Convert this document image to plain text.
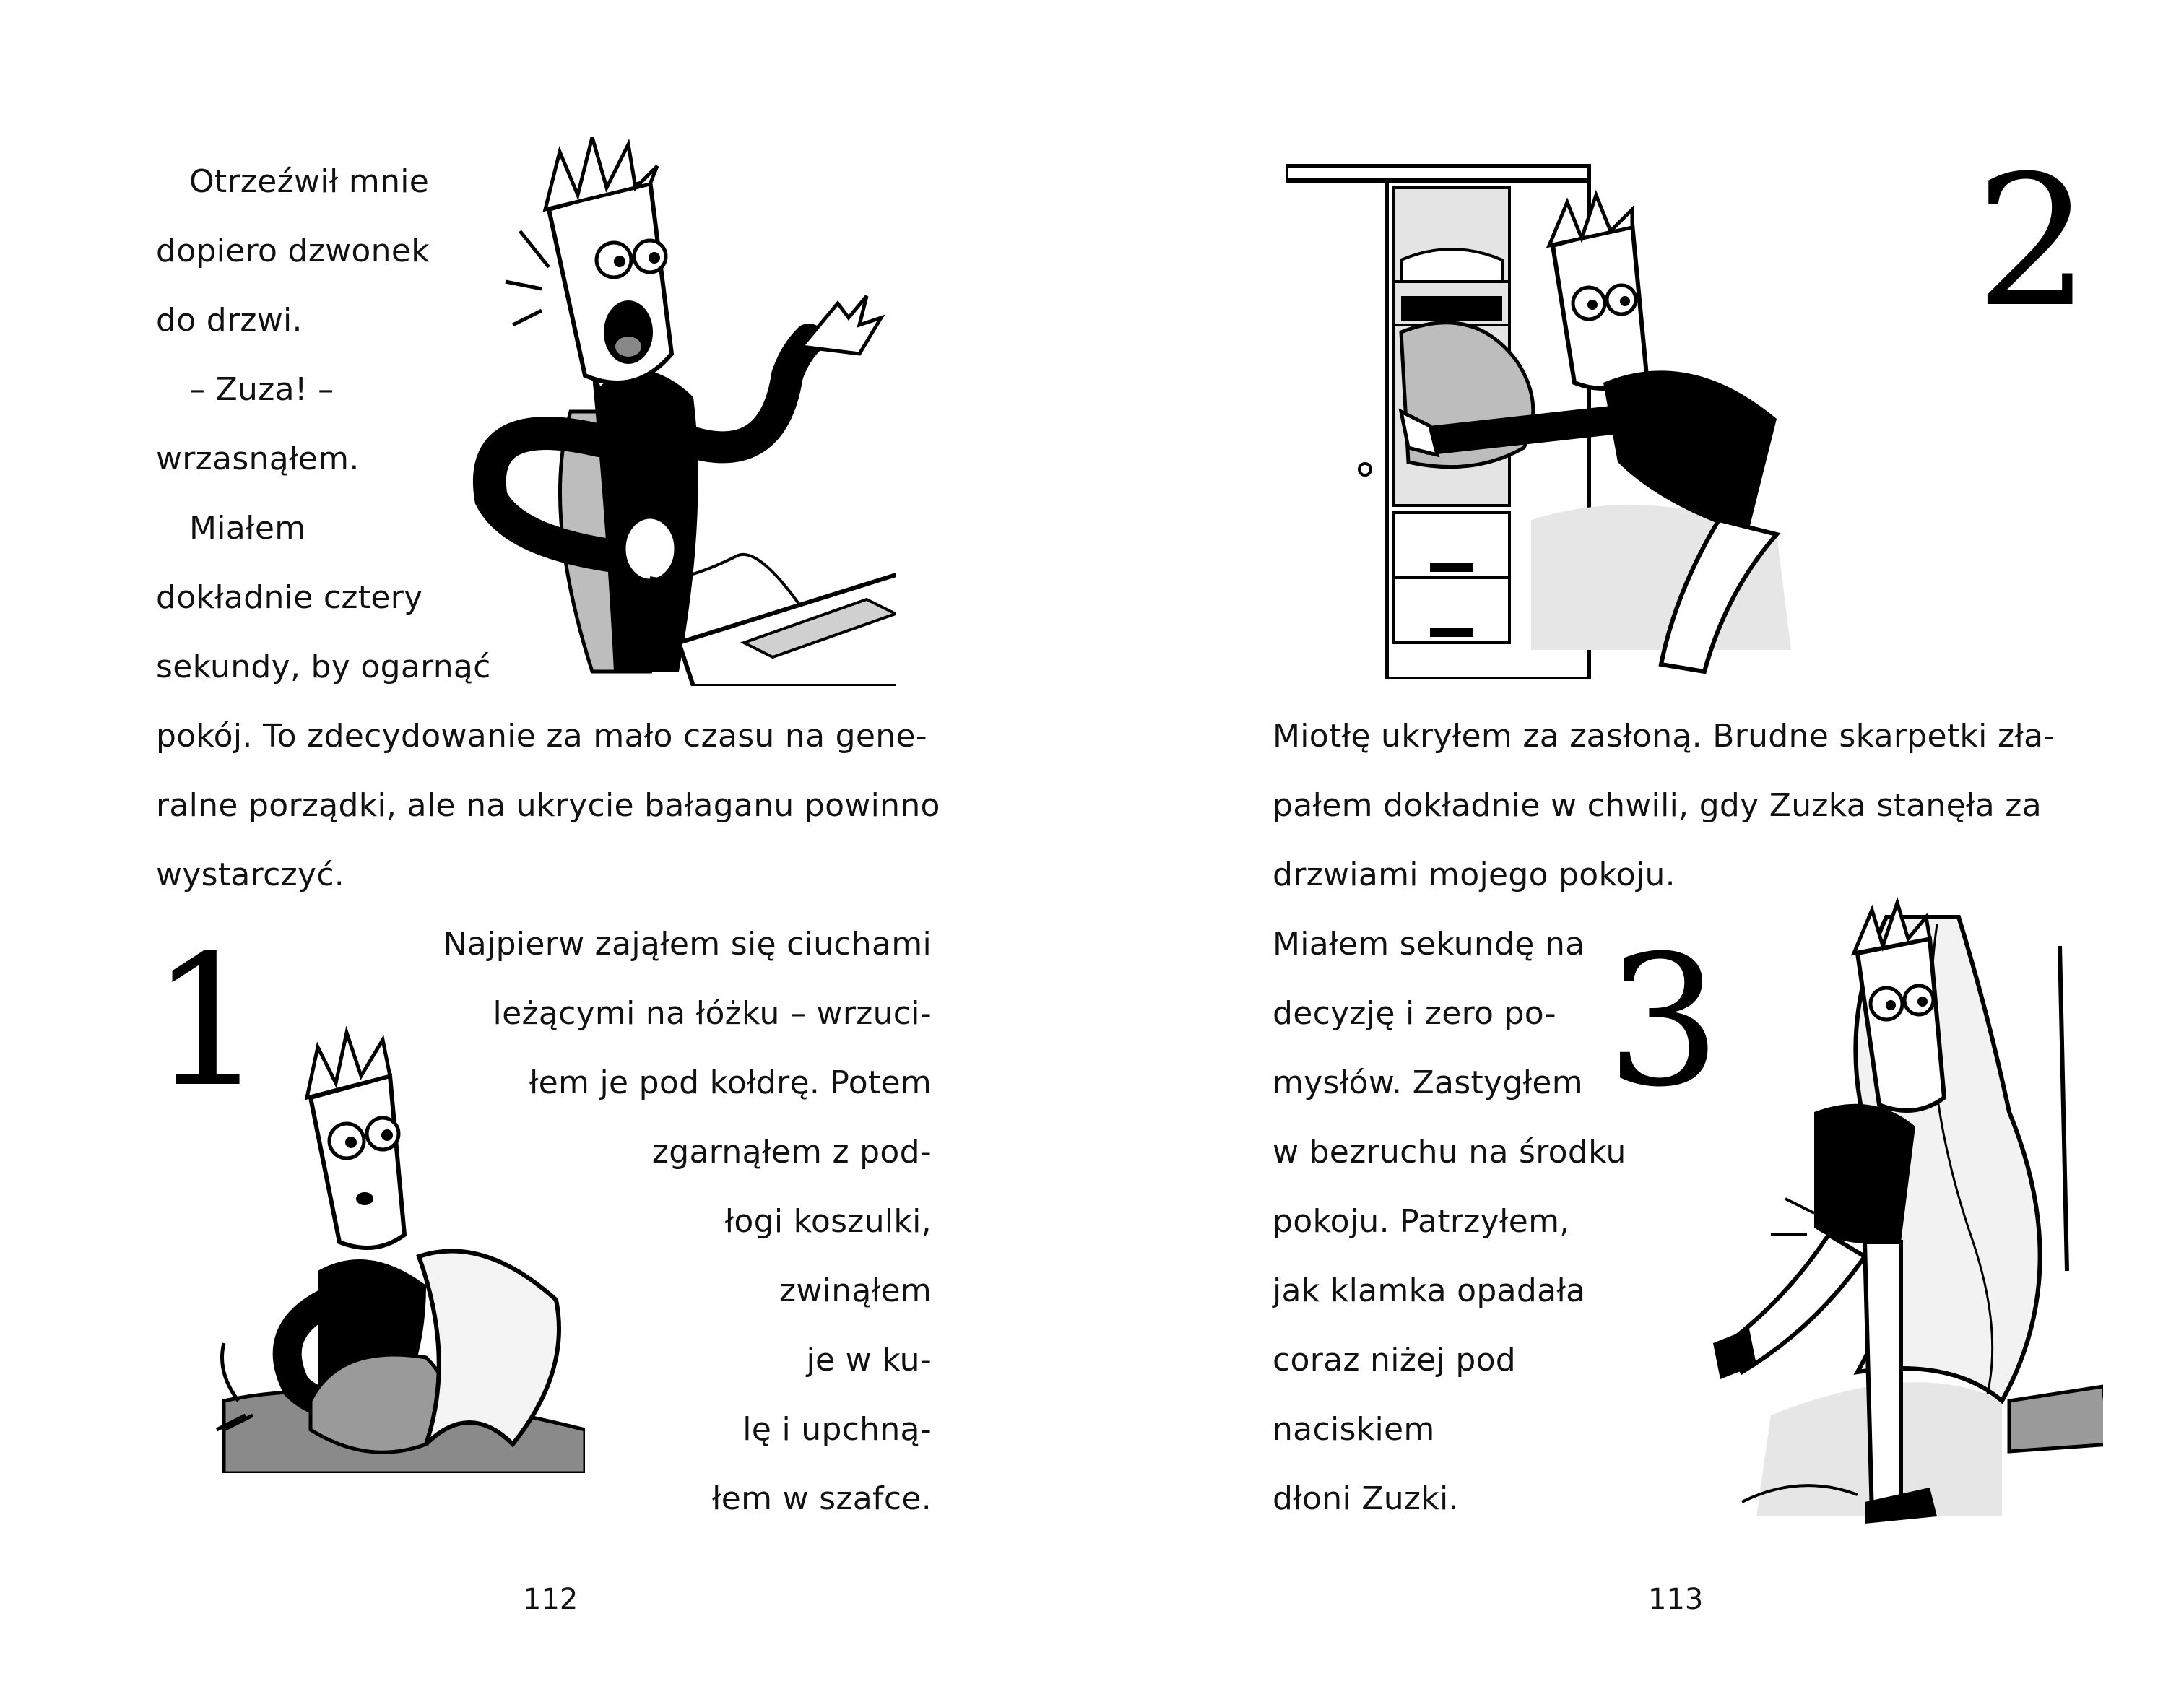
Otrzeźwił mnie
dopiero dzwonek
do drzwi.
– Zuza! –
wrzasnąłem.
Miałem
dokładnie cztery
sekundy, by ogarnąć
pokój. To zdecydowanie za mało czasu na gene-
ralne porządki, ale na ukrycie bałaganu powinno
wystarczyć.
1	Najpierw zająłem się ciuchami
leżącymi na łóżku – wrzuci-
łem je pod kołdrę. Potem
zgarnąłem z pod-
łogi koszulki,
zwinąłem
je w ku-
lę i upchną-
łem w szafce.
112
2
Miotłę ukryłem za zasłoną. Brudne skarpetki zła-
pałem dokładnie w chwili, gdy Zuzka stanęła za
drzwiami mojego pokoju.
3
Miałem sekundę na
decyzję i zero po-
mysłów. Zastygłem
w bezruchu na środku
pokoju. Patrzyłem,
jak klamka opadała
coraz niżej pod
naciskiem
dłoni Zuzki.
113
